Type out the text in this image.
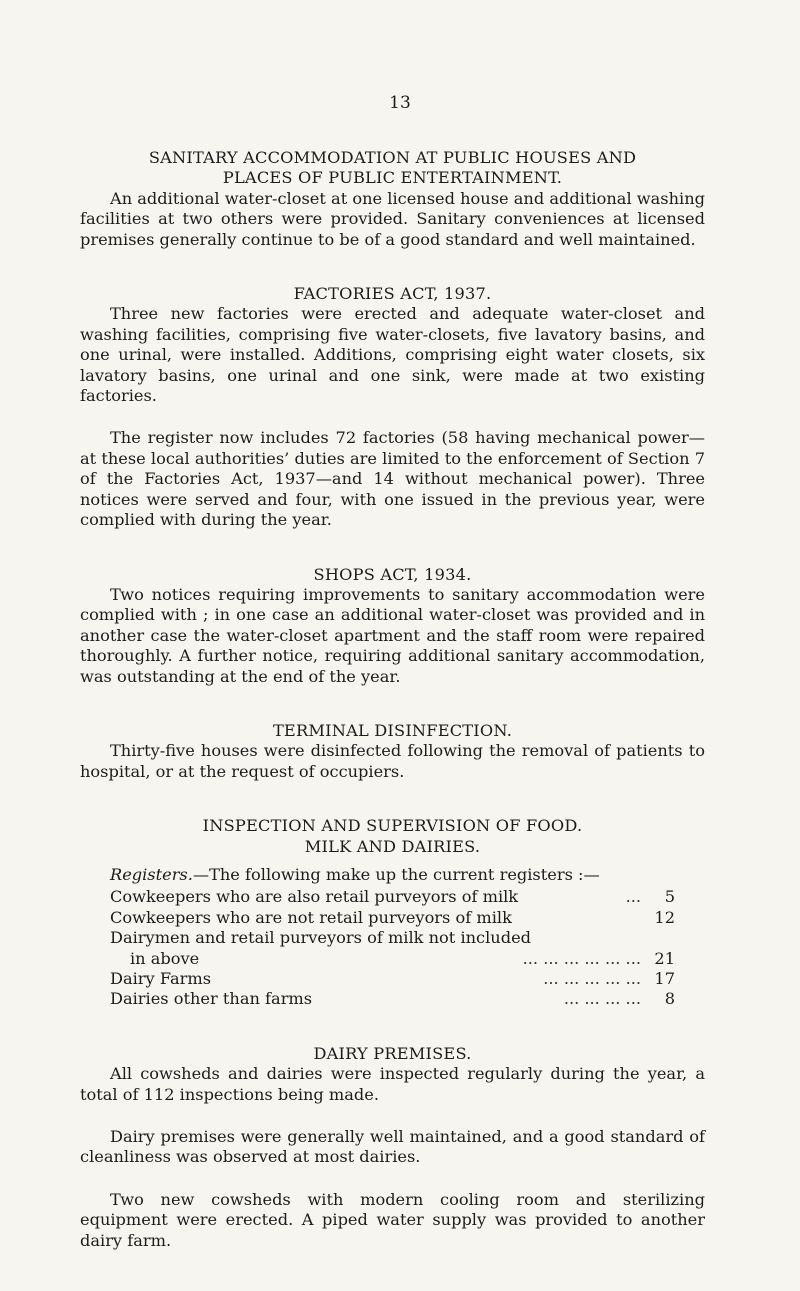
13

SANITARY ACCOMMODATION AT PUBLIC HOUSES AND

PLACES OF PUBLIC ENTERTAINMENT.

An additional water-closet at one licensed house and additional washing facilities at two others were provided. Sanitary conveniences at licensed premises generally continue to be of a good standard and well maintained.

FACTORIES ACT, 1937.

Three new factories were erected and adequate water-closet and washing facilities, comprising five water-closets, five lavatory basins, and one urinal, were installed. Additions, comprising eight water closets, six lavatory basins, one urinal and one sink, were made at two existing factories.

The register now includes 72 factories (58 having mechanical power—at these local authorities’ duties are limited to the enforcement of Section 7 of the Factories Act, 1937—and 14 without mechanical power). Three notices were served and four, with one issued in the previous year, were complied with during the year.

SHOPS ACT, 1934.

Two notices requiring improvements to sanitary accommodation were complied with ; in one case an additional water-closet was provided and in another case the water-closet apartment and the staff room were repaired thoroughly. A further notice, requiring additional sanitary accommodation, was outstanding at the end of the year.

TERMINAL DISINFECTION.

Thirty-five houses were disinfected following the removal of patients to hospital, or at the request of occupiers.

INSPECTION AND SUPERVISION OF FOOD.

MILK AND DAIRIES.

Registers.—The following make up the current registers :—

Cowkeepers who are also retail purveyors of milk	...	5
Cowkeepers who are not retail purveyors of milk	12
Dairymen and retail purveyors of milk not included
in above	... ... ... ... ... ... 21
Dairy Farms	... ... ... ... ... 17
Dairies other than farms	... ... ... ...	8

DAIRY PREMISES.

All cowsheds and dairies were inspected regularly during the year, a total of 112 inspections being made.

Dairy premises were generally well maintained, and a good standard of cleanliness was observed at most dairies.

Two new cowsheds with modern cooling room and sterilizing equipment were erected. A piped water supply was provided to another dairy farm.
